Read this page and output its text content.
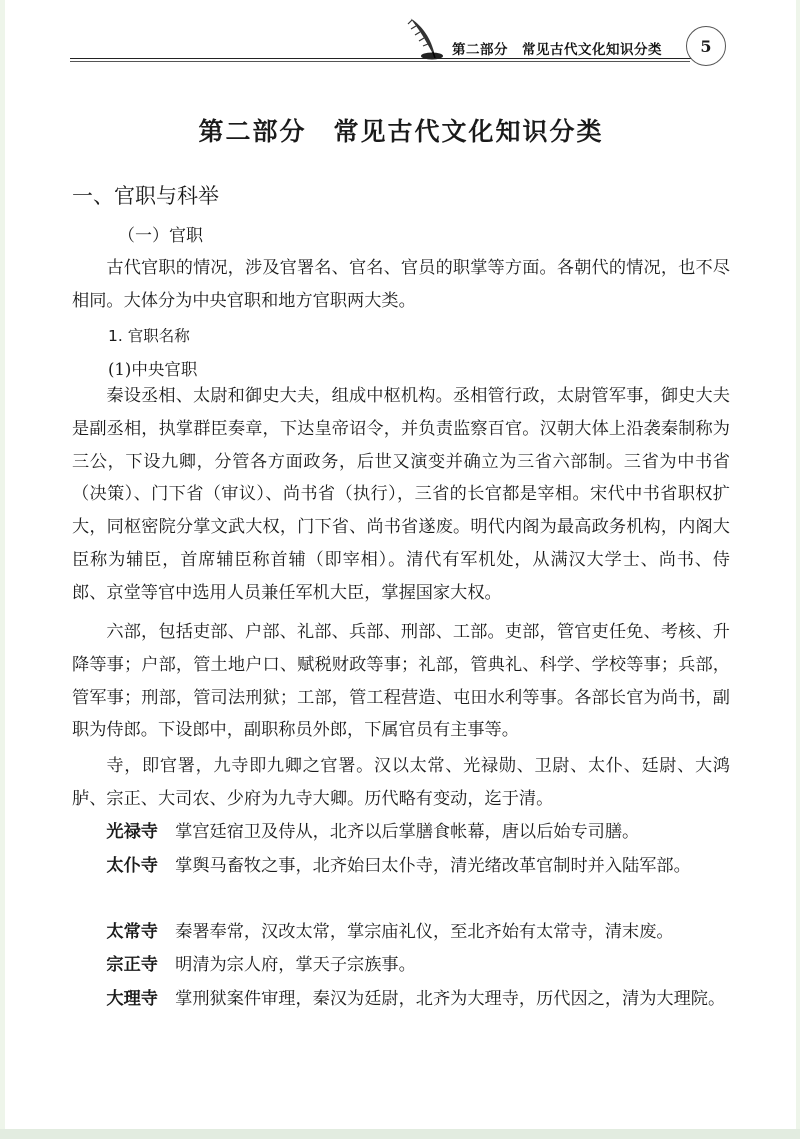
第二部分　常见古代文化知识分类 5
第二部分　常见古代文化知识分类
一、官职与科举
（一）官职

古代官职的情况，涉及官署名、官名、官员的职掌等方面。各朝代的情况，也不尽相同。大体分为中央官职和地方官职两大类。

1. 官职名称
(1)中央官职

秦设丞相、太尉和御史大夫，组成中枢机构。丞相管行政，太尉管军事，御史大夫是副丞相，执掌群臣奏章，下达皇帝诏令，并负责监察百官。汉朝大体上沿袭秦制称为三公，下设九卿，分管各方面政务，后世又演变并确立为三省六部制。三省为中书省（决策）、门下省（审议）、尚书省（执行），三省的长官都是宰相。宋代中书省职权扩大，同枢密院分掌文武大权，门下省、尚书省遂废。明代内阁为最高政务机构，内阁大臣称为辅臣，首席辅臣称首辅（即宰相）。清代有军机处，从满汉大学士、尚书、侍郎、京堂等官中选用人员兼任军机大臣，掌握国家大权。

六部，包括吏部、户部、礼部、兵部、刑部、工部。吏部，管官吏任免、考核、升降等事；户部，管土地户口、赋税财政等事；礼部，管典礼、科学、学校等事；兵部，管军事；刑部，管司法刑狱；工部，管工程营造、屯田水利等事。各部长官为尚书，副职为侍郎。下设郎中，副职称员外郎，下属官员有主事等。

寺，即官署，九寺即九卿之官署。汉以太常、光禄勋、卫尉、太仆、廷尉、大鸿胪、宗正、大司农、少府为九寺大卿。历代略有变动，迄于清。

光禄寺 掌宫廷宿卫及侍从，北齐以后掌膳食帐幕，唐以后始专司膳。
太仆寺 掌舆马畜牧之事，北齐始曰太仆寺，清光绪改革官制时并入陆军部。
太常寺 秦署奉常，汉改太常，掌宗庙礼仪，至北齐始有太常寺，清末废。
宗正寺 明清为宗人府，掌天子宗族事。
大理寺 掌刑狱案件审理，秦汉为廷尉，北齐为大理寺，历代因之，清为大理院。
